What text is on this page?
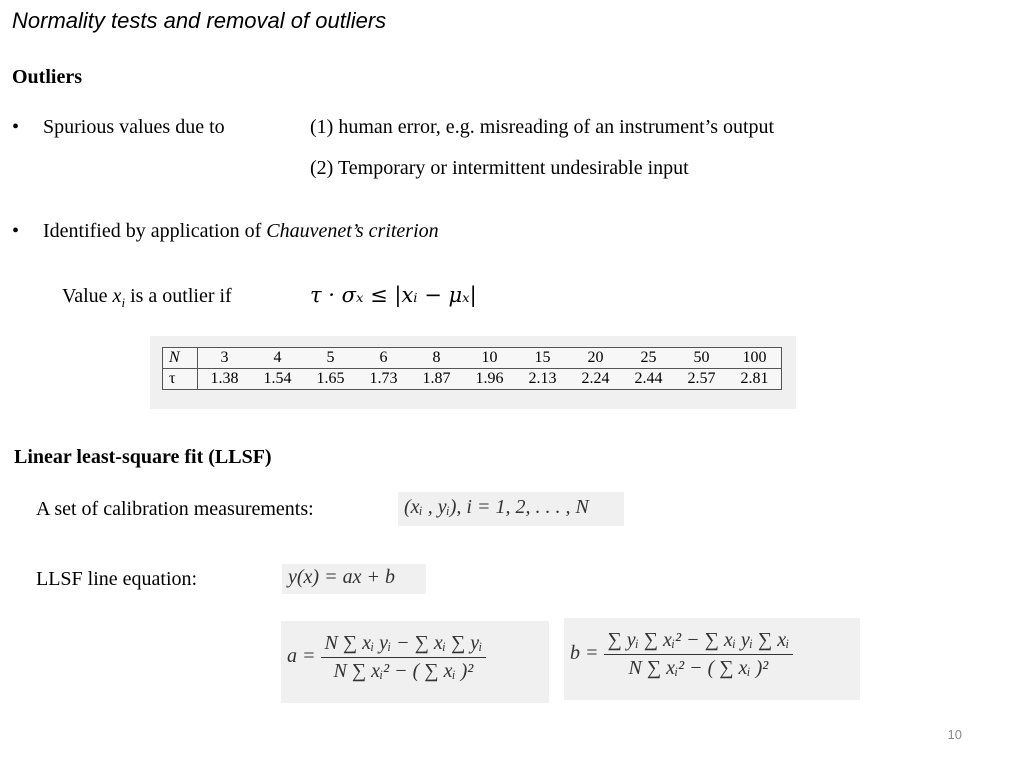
Normality tests and removal of outliers
Outliers
• Spurious values due to	(1) human error, e.g. misreading of an instrument’s output
(2) Temporary or intermittent undesirable input
• Identified by application of Chauvenet’s criterion
Value $x_i$ is a outlier if	τ · σₓ ≤ |xᵢ − μₓ|
N	3	4	5	6	8	10	15	20	25	50	100
τ	1.38	1.54	1.65	1.73	1.87	1.96	2.13	2.24	2.44	2.57	2.81
Linear least-square fit (LLSF)
A set of calibration measurements:	(xᵢ , yᵢ), i = 1, 2, . . . , N
LLSF line equation:	y(x) = ax + b
$a = \frac{\text{N ∑ xᵢ yᵢ − ∑ xᵢ ∑ yᵢ}}{\text{N ∑ xᵢ² − ( ∑ xᵢ )²}}$	$b = \frac{\text{∑ yᵢ ∑ xᵢ² − ∑ xᵢ yᵢ ∑ xᵢ}}{\text{N ∑ xᵢ² − ( ∑ xᵢ )²}}$
10
